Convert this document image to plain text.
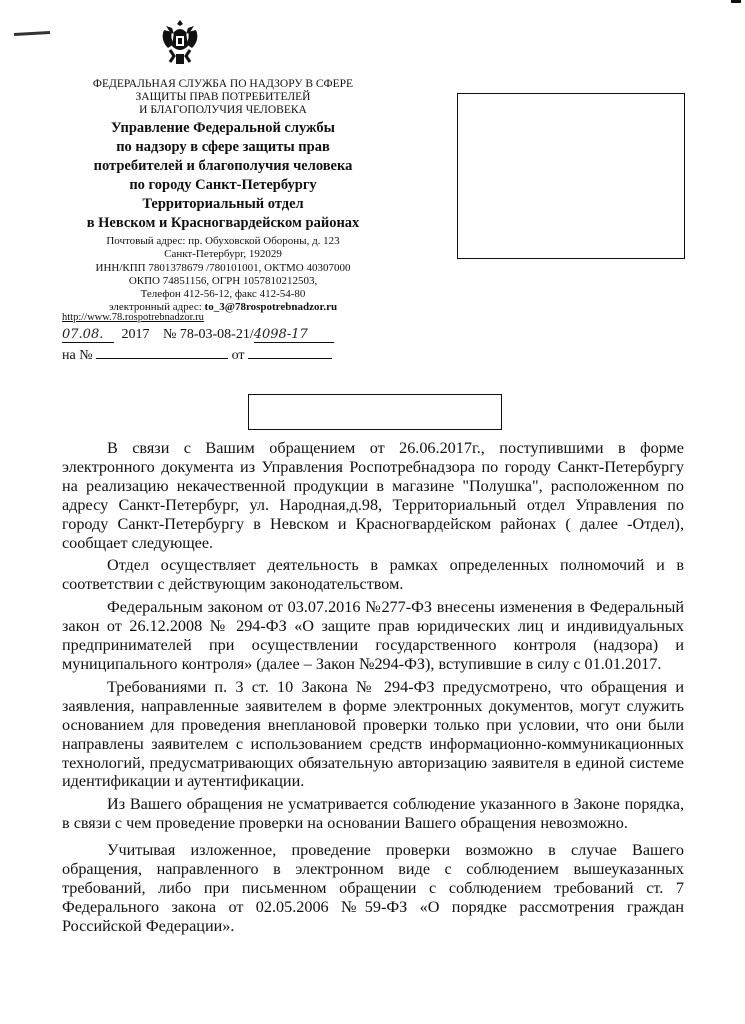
ФЕДЕРАЛЬНАЯ СЛУЖБА ПО НАДЗОРУ В СФЕРЕ
ЗАЩИТЫ ПРАВ ПОТРЕБИТЕЛЕЙ
И БЛАГОПОЛУЧИЯ ЧЕЛОВЕКА
Управление Федеральной службы
по надзору в сфере защиты прав
потребителей и благополучия человека
по городу Санкт-Петербургу
Территориальный отдел
в Невском и Красногвардейском районах
Почтовый адрес: пр. Обуховской Обороны, д. 123
Санкт-Петербург, 192029
ИНН/КПП 7801378679 /780101001, ОКТМО 40307000
ОКПО 74851156, ОГРН 1057810212503,
Телефон 412-56-12, факс 412-54-80
электронный адрес: to_3@78rospotrebnadzor.ru
http://www.78.rospotrebnadzor.ru
07.08. 2017 № 78-03-08-21/4098-17
на №	от

В связи с Вашим обращением от 26.06.2017г., поступившими в форме электронного документа из Управления Роспотребнадзора по городу Санкт-Петербургу на реализацию некачественной продукции в магазине "Полушка", расположенном по адресу Санкт-Петербург, ул. Народная,д.98, Территориальный отдел Управления по городу Санкт-Петербургу в Невском и Красногвардейском районах ( далее -Отдел), сообщает следующее.

Отдел осуществляет деятельность в рамках определенных полномочий и в соответствии с действующим законодательством.

Федеральным законом от 03.07.2016 №277-ФЗ внесены изменения в Федеральный закон от 26.12.2008 № 294-ФЗ «О защите прав юридических лиц и индивидуальных предпринимателей при осуществлении государственного контроля (надзора) и муниципального контроля» (далее – Закон №294-ФЗ), вступившие в силу с 01.01.2017.

Требованиями п. 3 ст. 10 Закона № 294-ФЗ предусмотрено, что обращения и заявления, направленные заявителем в форме электронных документов, могут служить основанием для проведения внеплановой проверки только при условии, что они были направлены заявителем с использованием средств информационно-коммуникационных технологий, предусматривающих обязательную авторизацию заявителя в единой системе идентификации и аутентификации.

Из Вашего обращения не усматривается соблюдение указанного в Законе порядка, в связи с чем проведение проверки на основании Вашего обращения невозможно.

Учитывая изложенное, проведение проверки возможно в случае Вашего обращения, направленного в электронном виде с соблюдением вышеуказанных требований, либо при письменном обращении с соблюдением требований ст. 7 Федерального закона от 02.05.2006 №59-ФЗ «О порядке рассмотрения граждан Российской Федерации».
